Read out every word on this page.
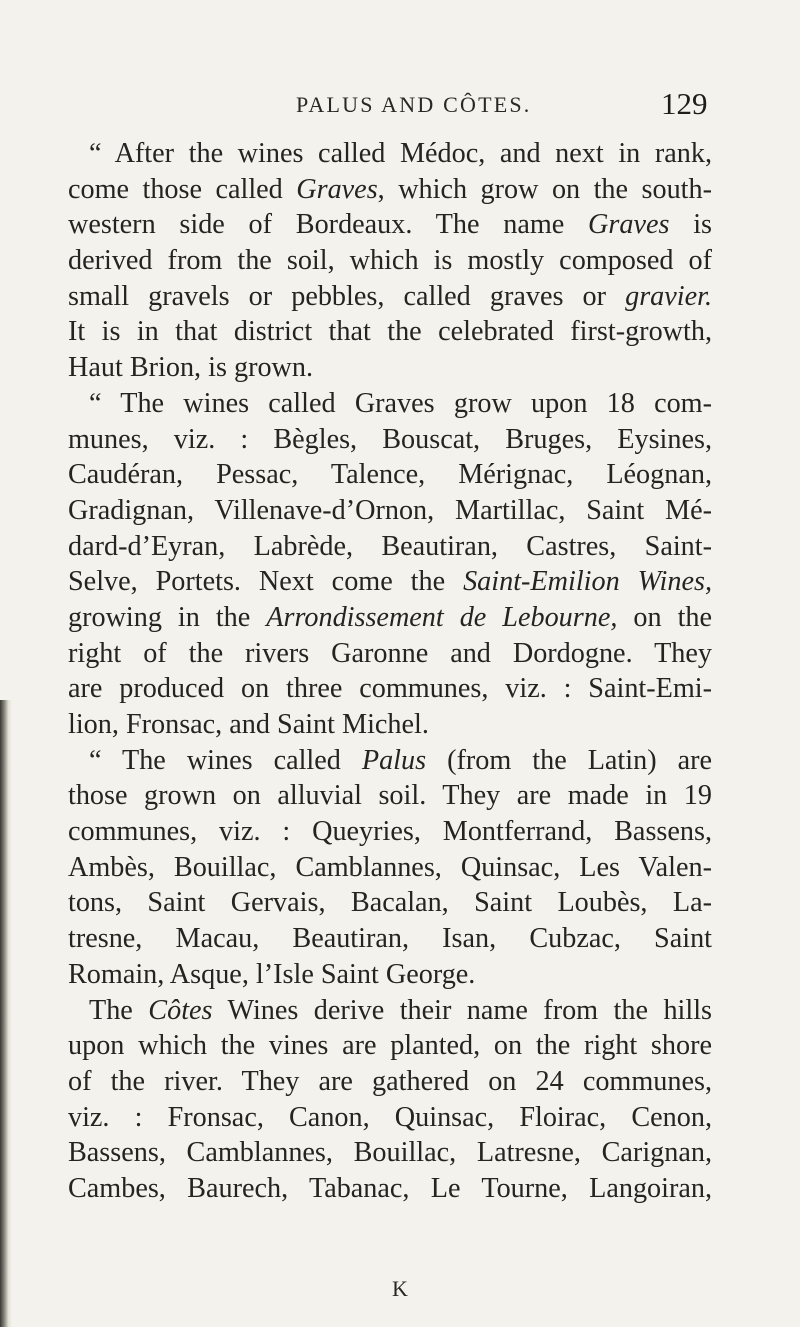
PALUS AND CÔTES.	129
“ After the wines called Médoc, and next in rank,
come those called Graves, which grow on the south-
western side of Bordeaux. The name Graves is
derived from the soil, which is mostly composed of
small gravels or pebbles, called graves or gravier.
It is in that district that the celebrated first-growth,
Haut Brion, is grown.
“ The wines called Graves grow upon 18 com-
munes, viz. : Bègles, Bouscat, Bruges, Eysines,
Caudéran, Pessac, Talence, Mérignac, Léognan,
Gradignan, Villenave-d’Ornon, Martillac, Saint Mé-
dard-d’Eyran, Labrède, Beautiran, Castres, Saint-
Selve, Portets. Next come the Saint-Emilion Wines,
growing in the Arrondissement de Lebourne, on the
right of the rivers Garonne and Dordogne. They
are produced on three communes, viz. : Saint-Emi-
lion, Fronsac, and Saint Michel.
“ The wines called Palus (from the Latin) are
those grown on alluvial soil. They are made in 19
communes, viz. : Queyries, Montferrand, Bassens,
Ambès, Bouillac, Camblannes, Quinsac, Les Valen-
tons, Saint Gervais, Bacalan, Saint Loubès, La-
tresne, Macau, Beautiran, Isan, Cubzac, Saint
Romain, Asque, l’Isle Saint George.
The Côtes Wines derive their name from the hills
upon which the vines are planted, on the right shore
of the river. They are gathered on 24 communes,
viz. : Fronsac, Canon, Quinsac, Floirac, Cenon,
Bassens, Camblannes, Bouillac, Latresne, Carignan,
Cambes, Baurech, Tabanac, Le Tourne, Langoiran,
K
